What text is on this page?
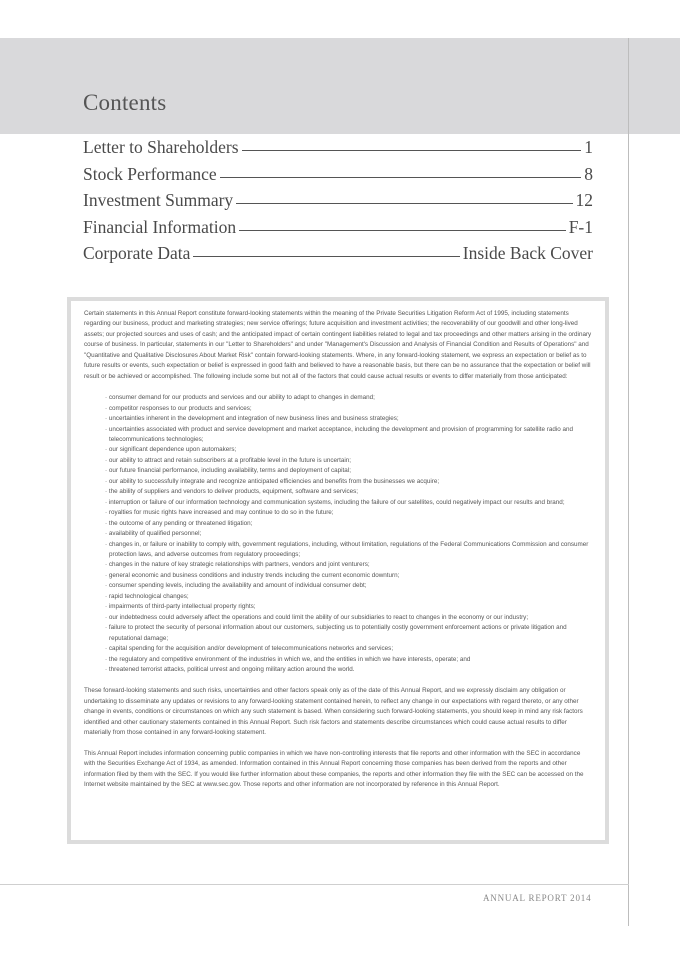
Contents
Letter to Shareholders	1
Stock Performance	8
Investment Summary	12
Financial Information	F-1
Corporate Data	Inside Back Cover

Certain statements in this Annual Report constitute forward-looking statements within the meaning of the Private Securities Litigation Reform Act of 1995, including statements regarding our business, product and marketing strategies; new service offerings; future acquisition and investment activities; the recoverability of our goodwill and other long-lived assets; our projected sources and uses of cash; and the anticipated impact of certain contingent liabilities related to legal and tax proceedings and other matters arising in the ordinary course of business. In particular, statements in our "Letter to Shareholders" and under "Management's Discussion and Analysis of Financial Condition and Results of Operations" and "Quantitative and Qualitative Disclosures About Market Risk" contain forward-looking statements. Where, in any forward-looking statement, we express an expectation or belief as to future results or events, such expectation or belief is expressed in good faith and believed to have a reasonable basis, but there can be no assurance that the expectation or belief will result or be achieved or accomplished. The following include some but not all of the factors that could cause actual results or events to differ materially from those anticipated:

· consumer demand for our products and services and our ability to adapt to changes in demand;
· competitor responses to our products and services;
· uncertainties inherent in the development and integration of new business lines and business strategies;
· uncertainties associated with product and service development and market acceptance, including the development and provision of programming for satellite radio and telecommunications technologies;
· our significant dependence upon automakers;
· our ability to attract and retain subscribers at a profitable level in the future is uncertain;
· our future financial performance, including availability, terms and deployment of capital;
· our ability to successfully integrate and recognize anticipated efficiencies and benefits from the businesses we acquire;
· the ability of suppliers and vendors to deliver products, equipment, software and services;
· interruption or failure of our information technology and communication systems, including the failure of our satellites, could negatively impact our results and brand;
· royalties for music rights have increased and may continue to do so in the future;
· the outcome of any pending or threatened litigation;
· availability of qualified personnel;
· changes in, or failure or inability to comply with, government regulations, including, without limitation, regulations of the Federal Communications Commission and consumer protection laws, and adverse outcomes from regulatory proceedings;
· changes in the nature of key strategic relationships with partners, vendors and joint venturers;
· general economic and business conditions and industry trends including the current economic downturn;
· consumer spending levels, including the availability and amount of individual consumer debt;
· rapid technological changes;
· impairments of third-party intellectual property rights;
· our indebtedness could adversely affect the operations and could limit the ability of our subsidiaries to react to changes in the economy or our industry;
· failure to protect the security of personal information about our customers, subjecting us to potentially costly government enforcement actions or private litigation and reputational damage;
· capital spending for the acquisition and/or development of telecommunications networks and services;
· the regulatory and competitive environment of the industries in which we, and the entities in which we have interests, operate; and
· threatened terrorist attacks, political unrest and ongoing military action around the world.

These forward-looking statements and such risks, uncertainties and other factors speak only as of the date of this Annual Report, and we expressly disclaim any obligation or undertaking to disseminate any updates or revisions to any forward-looking statement contained herein, to reflect any change in our expectations with regard thereto, or any other change in events, conditions or circumstances on which any such statement is based. When considering such forward-looking statements, you should keep in mind any risk factors identified and other cautionary statements contained in this Annual Report. Such risk factors and statements describe circumstances which could cause actual results to differ materially from those contained in any forward-looking statement.

This Annual Report includes information concerning public companies in which we have non-controlling interests that file reports and other information with the SEC in accordance with the Securities Exchange Act of 1934, as amended. Information contained in this Annual Report concerning those companies has been derived from the reports and other information filed by them with the SEC. If you would like further information about these companies, the reports and other information they file with the SEC can be accessed on the Internet website maintained by the SEC at www.sec.gov. Those reports and other information are not incorporated by reference in this Annual Report.

ANNUAL REPORT 2014
